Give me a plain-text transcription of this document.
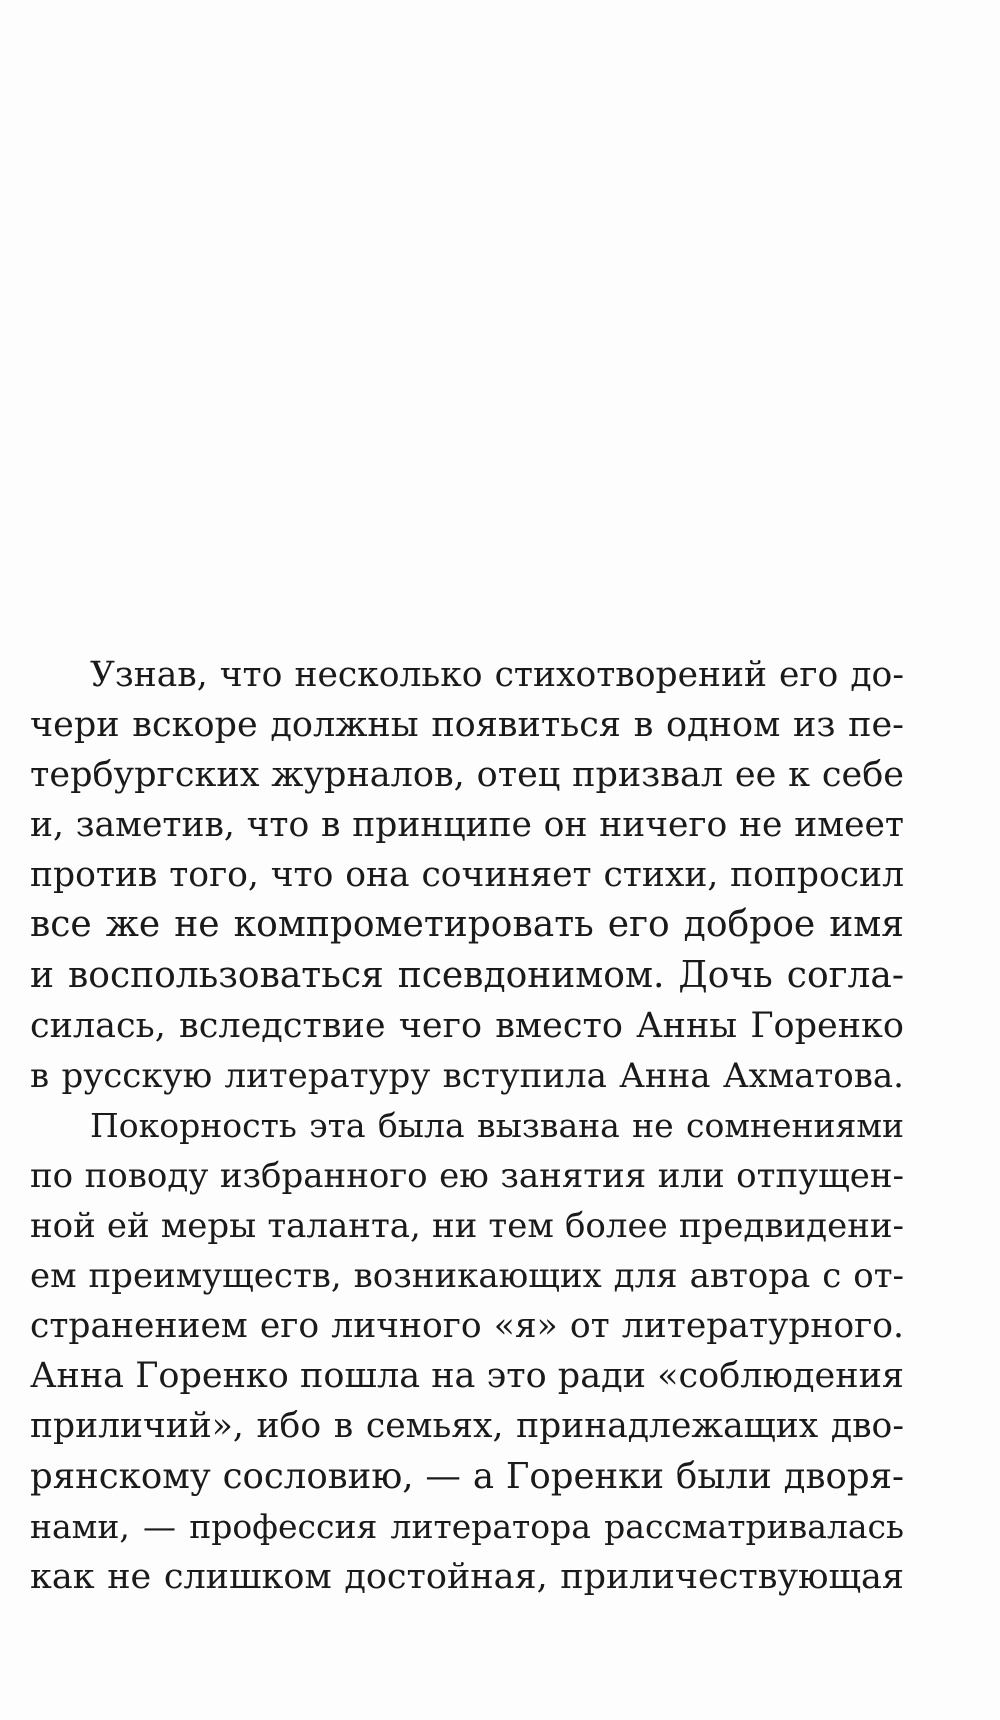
Узнав, что несколько стихотворений его до-
чери вскоре должны появиться в одном из пе-
тербургских журналов, отец призвал ее к себе
и, заметив, что в принципе он ничего не имеет
против того, что она сочиняет стихи, попросил
все же не компрометировать его доброе имя
и воспользоваться псевдонимом. Дочь согла-
силась, вследствие чего вместо Анны Горенко
в русскую литературу вступила Анна Ахматова.
Покорность эта была вызвана не сомнениями
по поводу избранного ею занятия или отпущен-
ной ей меры таланта, ни тем более предвидени-
ем преимуществ, возникающих для автора с от-
странением его личного «я» от литературного.
Анна Горенко пошла на это ради «соблюдения
приличий», ибо в семьях, принадлежащих дво-
рянскому сословию, — а Горенки были дворя-
нами, — профессия литератора рассматривалась
как не слишком достойная, приличествующая
